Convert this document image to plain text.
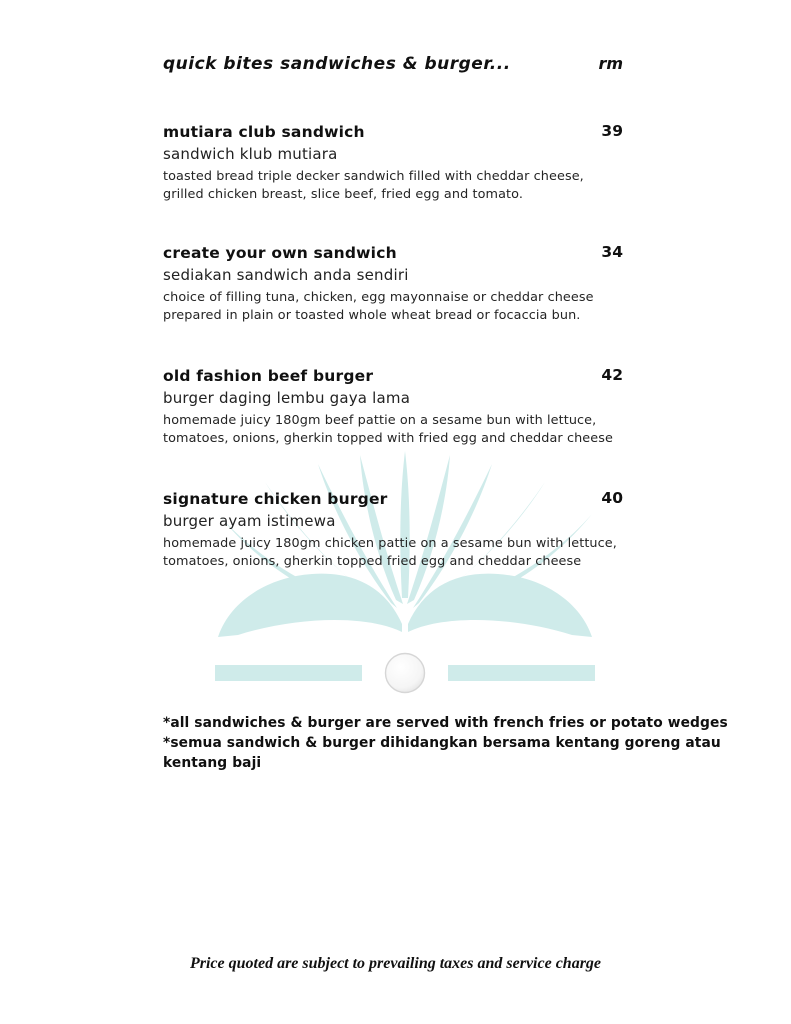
quick bites sandwiches & burger...	rm
mutiara club sandwich
sandwich klub mutiara
toasted bread triple decker sandwich filled with cheddar cheese,
grilled chicken breast, slice beef, fried egg and tomato.
39
create your own sandwich
sediakan sandwich anda sendiri
choice of filling tuna, chicken, egg mayonnaise or cheddar cheese
prepared in plain or toasted whole wheat bread or focaccia bun.
34
old fashion beef burger
burger daging lembu gaya lama
homemade juicy 180gm beef pattie on a sesame bun with lettuce,
tomatoes, onions, gherkin topped with fried egg and cheddar cheese
42
signature chicken burger
burger ayam istimewa
homemade juicy 180gm chicken pattie on a sesame bun with lettuce,
tomatoes, onions, gherkin topped fried egg and cheddar cheese
40
*all sandwiches & burger are served with french fries or potato wedges
*semua sandwich & burger dihidangkan bersama kentang goreng atau
kentang baji
Price quoted are subject to prevailing taxes and service charge
